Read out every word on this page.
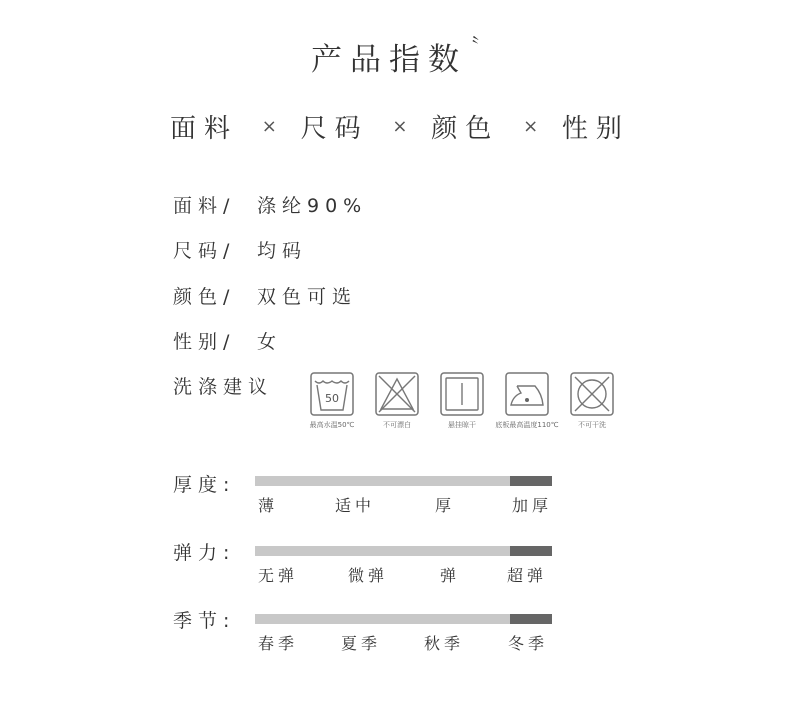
产品指数〝
面料 × 尺码 × 颜色 × 性别
面料/ 涤纶90%
尺码/ 均码
颜色/ 双色可选
性别/ 女
洗涤建议
50
最高水温50℃	不可漂白	悬挂晾干	底板最高温度110℃	不可干洗
厚度:
薄	适中	厚	加厚
弹力:
无弹	微弹	弹	超弹
季节:
春季	夏季	秋季	冬季
